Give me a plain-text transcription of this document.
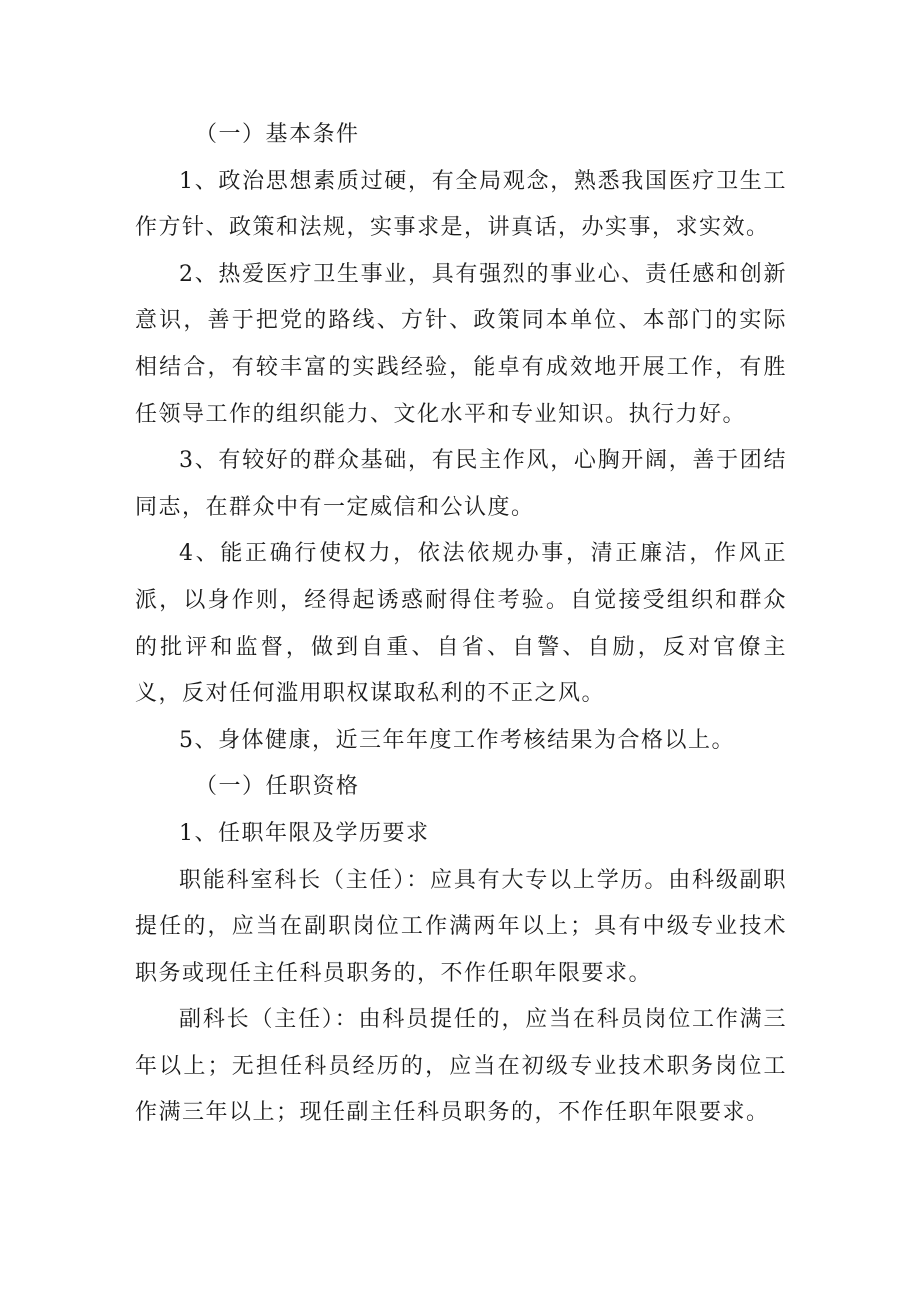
（一）基本条件

1、政治思想素质过硬，有全局观念，熟悉我国医疗卫生工作方针、政策和法规，实事求是，讲真话，办实事，求实效。

2、热爱医疗卫生事业，具有强烈的事业心、责任感和创新意识，善于把党的路线、方针、政策同本单位、本部门的实际相结合，有较丰富的实践经验，能卓有成效地开展工作，有胜任领导工作的组织能力、文化水平和专业知识。执行力好。

3、有较好的群众基础，有民主作风，心胸开阔，善于团结同志，在群众中有一定威信和公认度。

4、能正确行使权力，依法依规办事，清正廉洁，作风正派，以身作则，经得起诱惑耐得住考验。自觉接受组织和群众的批评和监督，做到自重、自省、自警、自励，反对官僚主义，反对任何滥用职权谋取私利的不正之风。

5、身体健康，近三年年度工作考核结果为合格以上。

（一）任职资格

1、任职年限及学历要求

职能科室科长（主任）：应具有大专以上学历。由科级副职提任的，应当在副职岗位工作满两年以上；具有中级专业技术职务或现任主任科员职务的，不作任职年限要求。

副科长（主任）：由科员提任的，应当在科员岗位工作满三年以上；无担任科员经历的，应当在初级专业技术职务岗位工作满三年以上；现任副主任科员职务的，不作任职年限要求。
